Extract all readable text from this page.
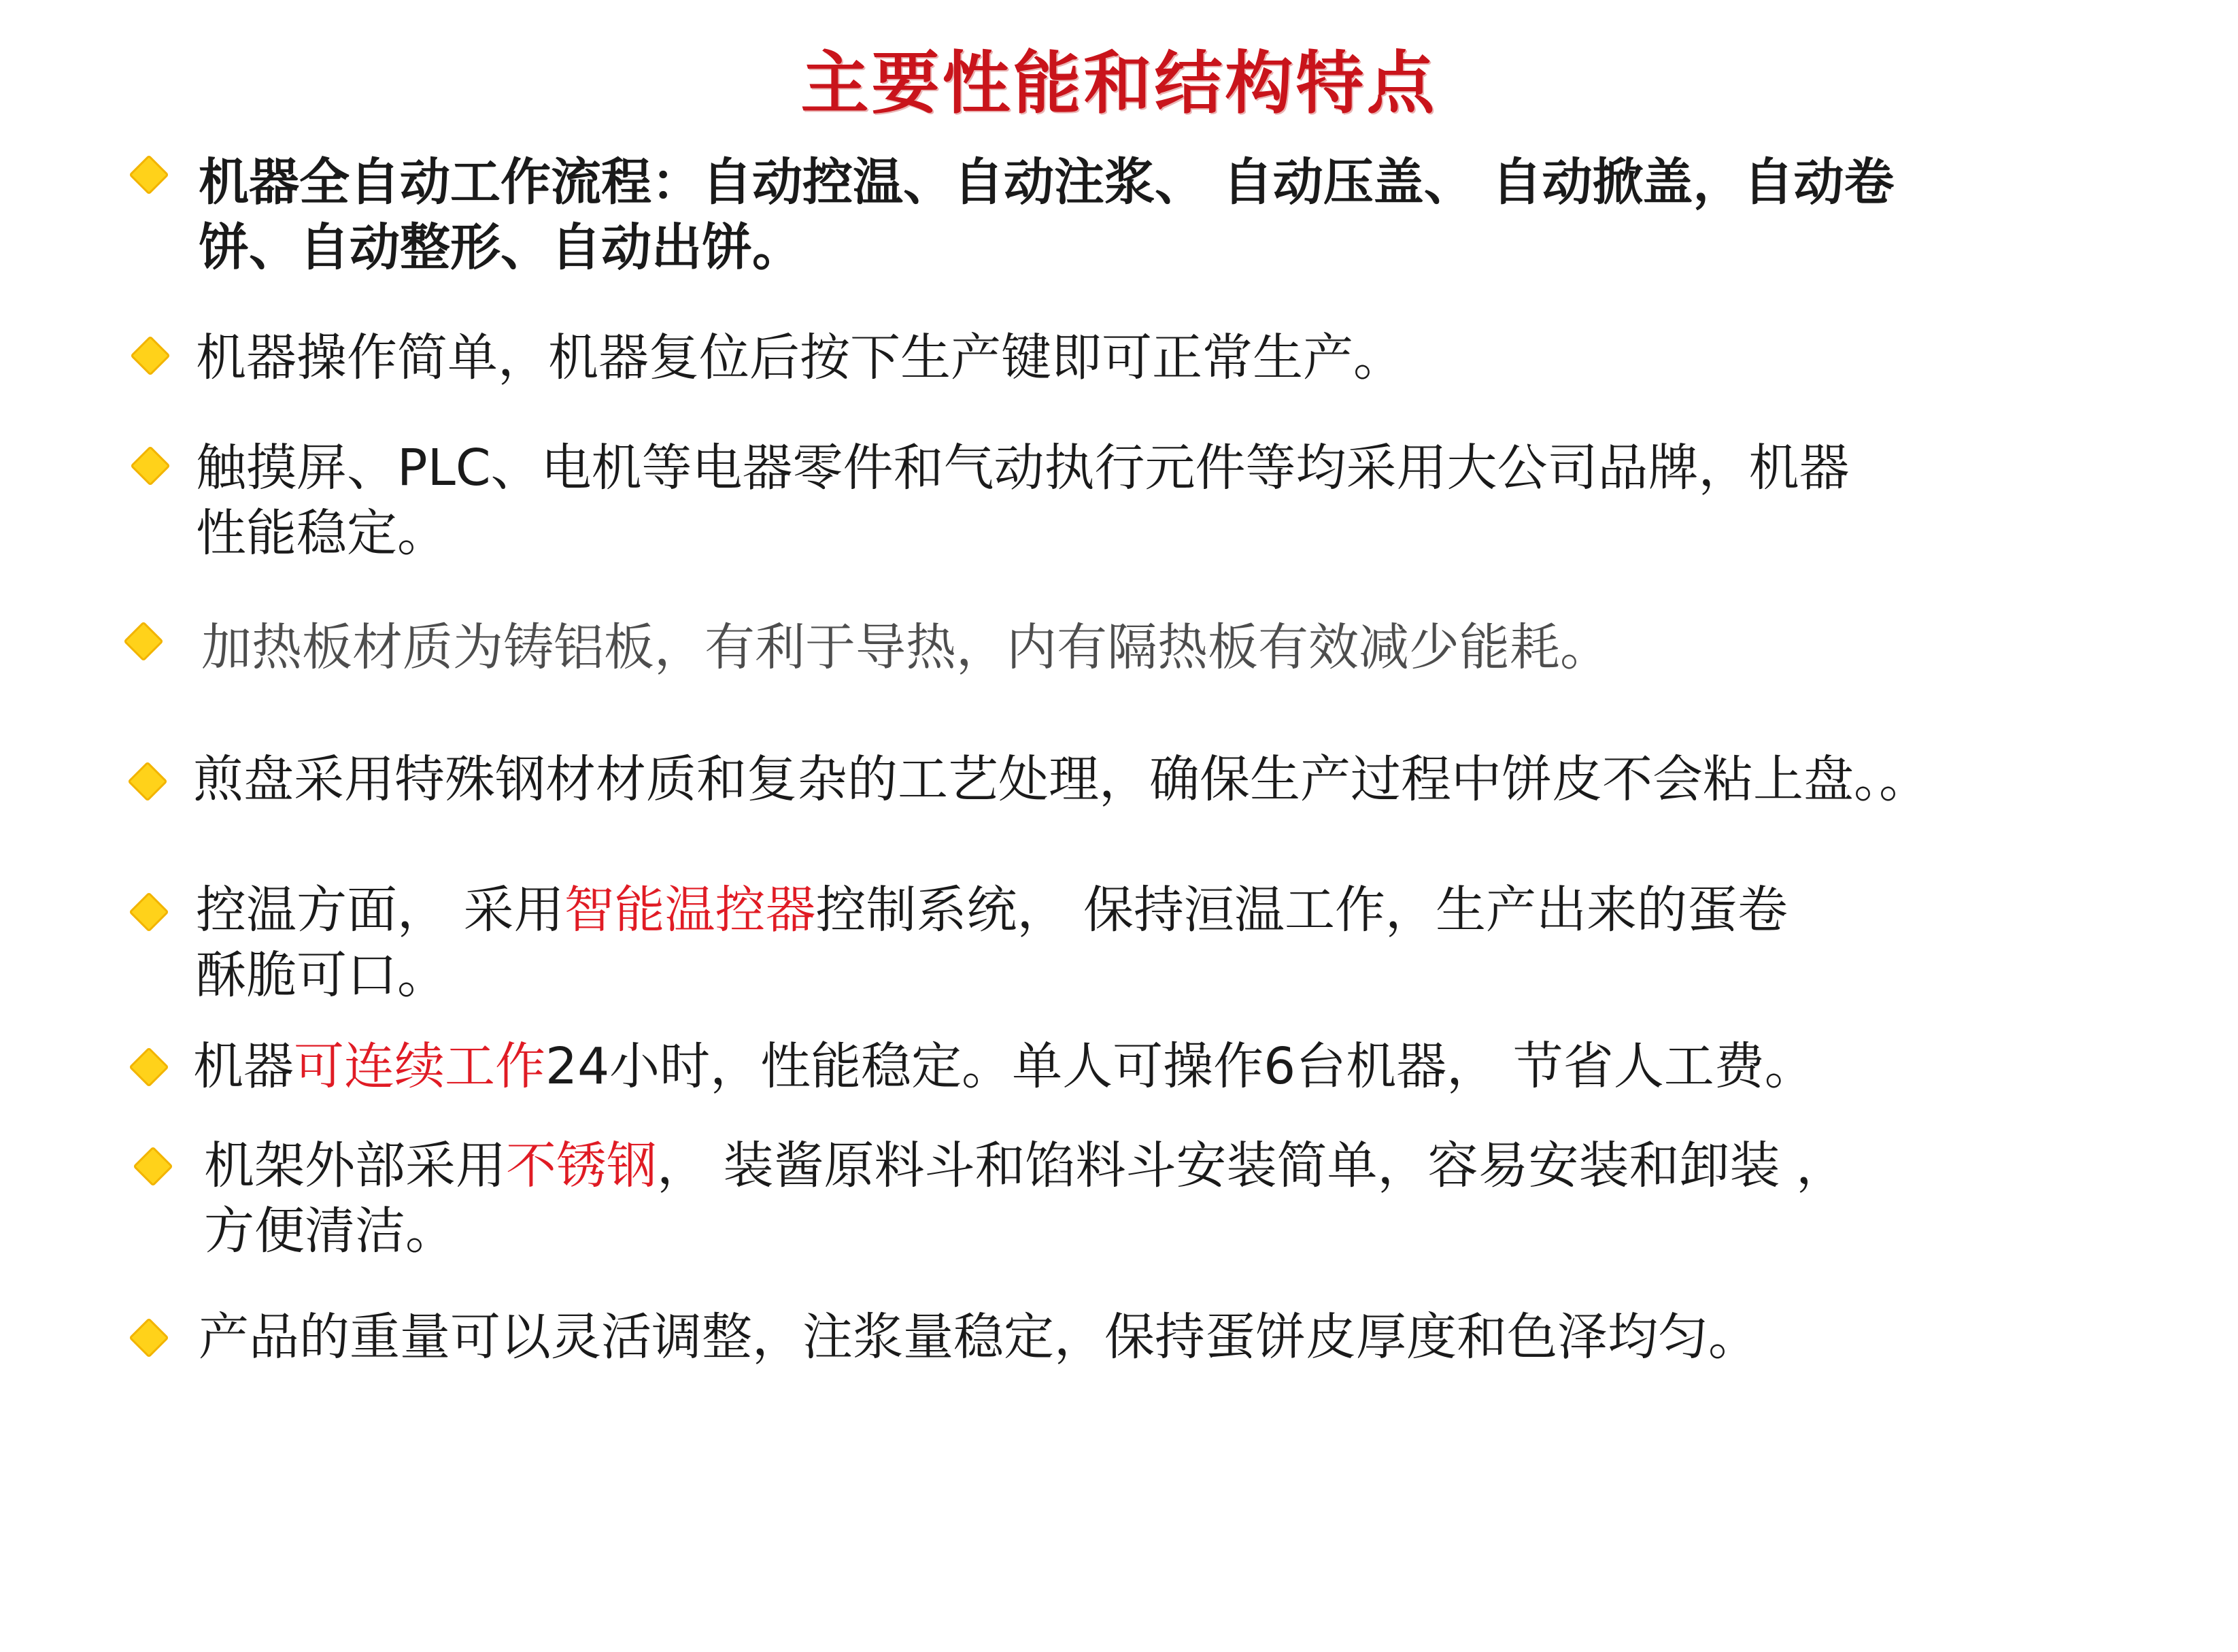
主要性能和结构特点
机器全自动工作流程：自动控温、自动注浆、 自动压盖、 自动掀盖，自动卷
饼、自动整形、自动出饼。
机器操作简单，机器复位后按下生产键即可正常生产。
触摸屏、PLC、电机等电器零件和气动执行元件等均采用大公司品牌，机器
性能稳定。
加热板材质为铸铝板，有利于导热，内有隔热板有效减少能耗。
煎盘采用特殊钢材材质和复杂的工艺处理，确保生产过程中饼皮不会粘上盘。。
控温方面， 采用智能温控器控制系统， 保持洹温工作，生产出来的蛋卷
酥脆可口。
机器可连续工作24小时，性能稳定。单人可操作6台机器， 节省人工费。
机架外部采用不锈钢， 装酱原料斗和馅料斗安装简单，容易安装和卸装 ，
方便清洁。
产品的重量可以灵活调整，注浆量稳定，保持蛋饼皮厚度和色泽均匀。
